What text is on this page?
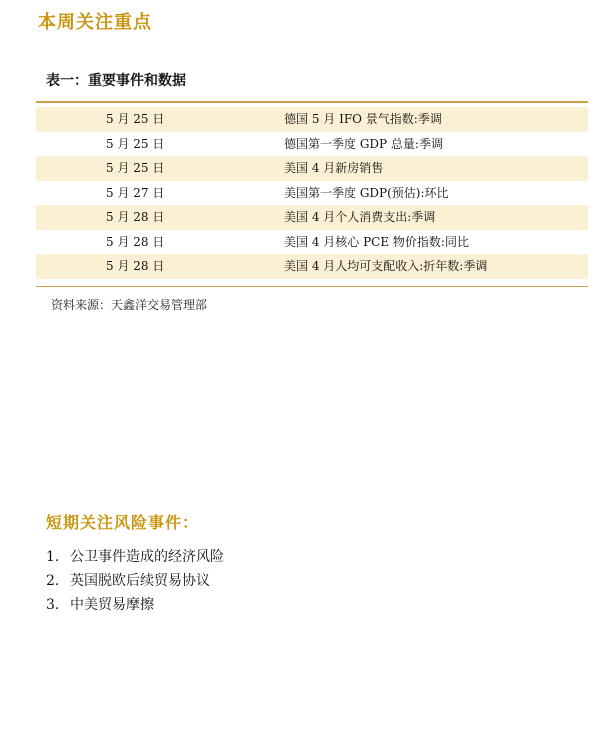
本周关注重点
表一：重要事件和数据
5 月 25 日	德国 5 月 IFO 景气指数:季调
5 月 25 日	德国第一季度 GDP 总量:季调
5 月 25 日	美国 4 月新房销售
5 月 27 日	美国第一季度 GDP(预估):环比
5 月 28 日	美国 4 月个人消费支出:季调
5 月 28 日	美国 4 月核心 PCE 物价指数:同比
5 月 28 日	美国 4 月人均可支配收入:折年数:季调
资料来源：天鑫洋交易管理部
短期关注风险事件：
1. 公卫事件造成的经济风险
2. 英国脱欧后续贸易协议
3. 中美贸易摩擦
